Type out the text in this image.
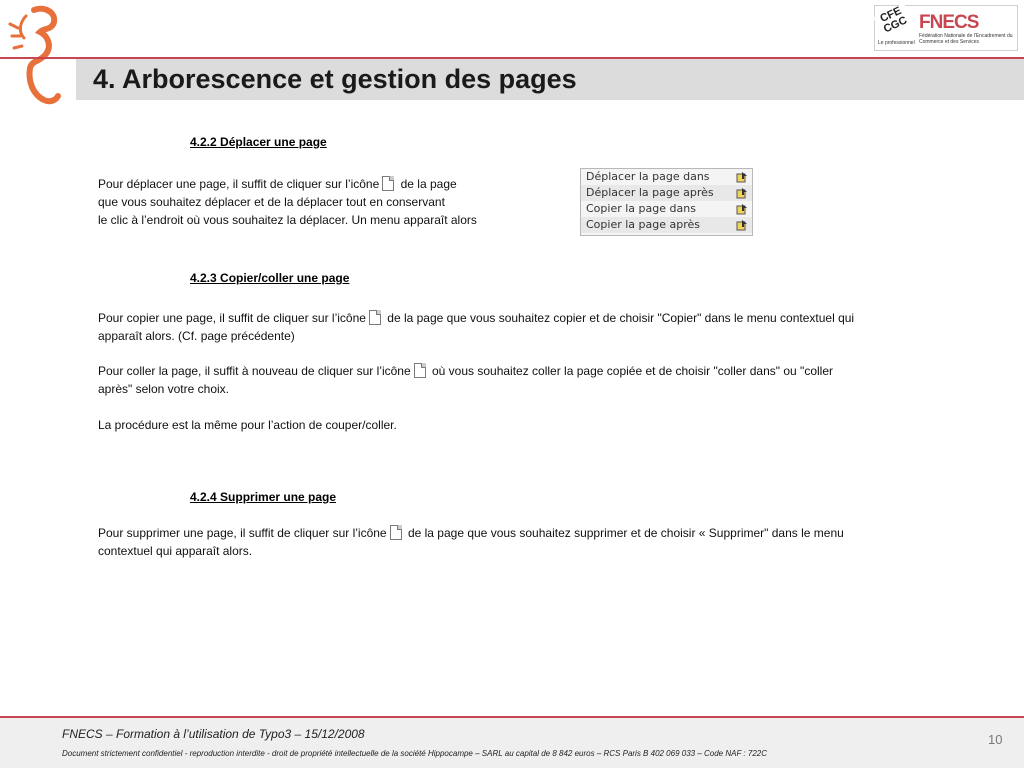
4. Arborescence et gestion des pages
CFE CGC
Le professionnel
FNECS
Fédération Nationale de l'Encadrement du Commerce et des Services
4.2.2 Déplacer une page
Pour déplacer une page, il suffit de cliquer sur l’icône de la page
que vous souhaitez déplacer et de la déplacer tout en conservant
le clic à l’endroit où vous souhaitez la déplacer. Un menu apparaît alors
Déplacer la page dans
Déplacer la page après
Copier la page dans
Copier la page après
4.2.3 Copier/coller une page
Pour copier une page, il suffit de cliquer sur l’icône de la page que vous souhaitez copier et de choisir "Copier" dans le menu contextuel qui
apparaît alors. (Cf. page précédente)
Pour coller la page, il suffit à nouveau de cliquer sur l’icône où vous souhaitez coller la page copiée et de choisir "coller dans" ou "coller
après" selon votre choix.
La procédure est la même pour l’action de couper/coller.
4.2.4 Supprimer une page
Pour supprimer une page, il suffit de cliquer sur l’icône de la page que vous souhaitez supprimer et de choisir « Supprimer" dans le menu
contextuel qui apparaît alors.
FNECS – Formation à l’utilisation de Typo3 – 15/12/2008
Document strictement confidentiel - reproduction interdite - droit de propriété intellectuelle de la société Hippocampe – SARL au capital de 8 842 euros – RCS Paris B 402 069 033 – Code NAF : 722C
10
